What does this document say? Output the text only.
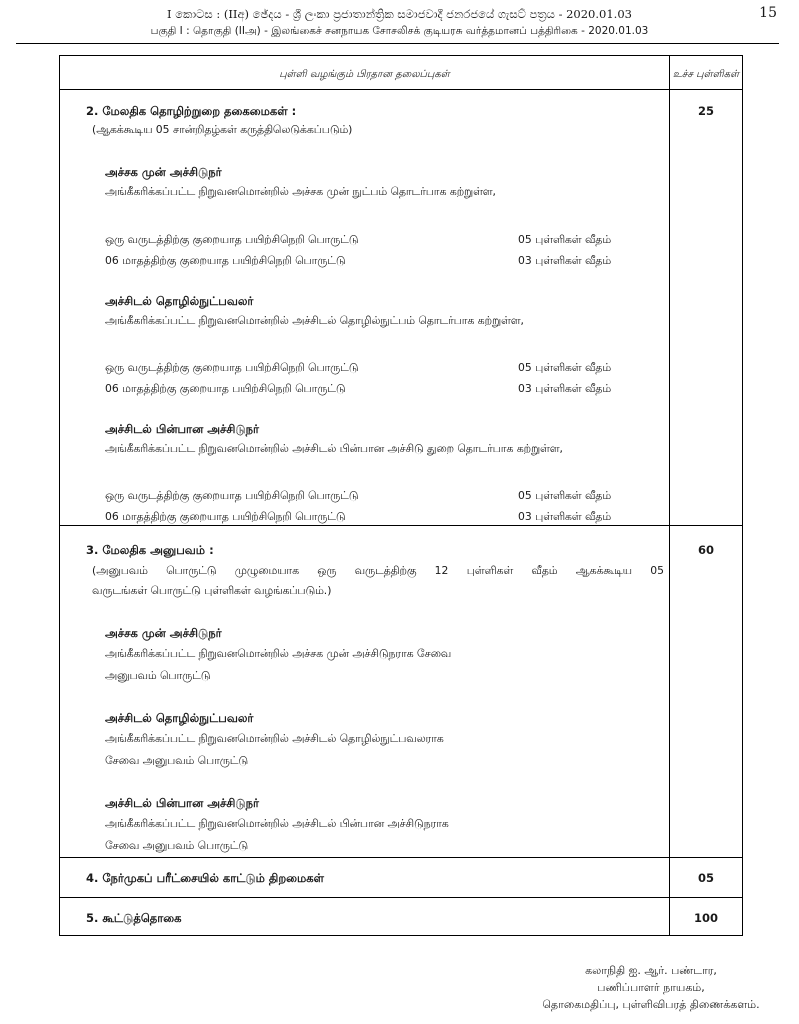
I කොටස : (IIඅ) ඡේදය - ශ්‍රී ලංකා ප්‍රජාතාන්ත්‍රික සමාජවාදී ජනරජයේ ගැසට් පත්‍රය - 2020.01.03	15
பகுதி I : தொகுதி (IIஅ) - இலங்கைச் சனநாயக சோசலிசக் குடியரசு வர்த்தமானப் பத்திரிகை - 2020.01.03
புள்ளி வழங்கும் பிரதான தலைப்புகள்	உச்ச புள்ளிகள்
2. மேலதிக தொழிற்றுறை தகைமைகள் :	25
(ஆகக்கூடிய 05 சான்றிதழ்கள் கருத்திலெடுக்கப்படும்)
அச்சக முன் அச்சிடுநர்
அங்கீகரிக்கப்பட்ட நிறுவனமொன்றில் அச்சக முன் நுட்பம் தொடர்பாக கற்றுள்ள,
ஒரு வருடத்திற்கு குறையாத பயிற்சிநெறி பொருட்டு	05 புள்ளிகள் வீதம்
06 மாதத்திற்கு குறையாத பயிற்சிநெறி பொருட்டு	03 புள்ளிகள் வீதம்
அச்சிடல் தொழில்நுட்பவலர்
அங்கீகரிக்கப்பட்ட நிறுவனமொன்றில் அச்சிடல் தொழில்நுட்பம் தொடர்பாக கற்றுள்ள,
ஒரு வருடத்திற்கு குறையாத பயிற்சிநெறி பொருட்டு	05 புள்ளிகள் வீதம்
06 மாதத்திற்கு குறையாத பயிற்சிநெறி பொருட்டு	03 புள்ளிகள் வீதம்
அச்சிடல் பின்பான அச்சிடுநர்
அங்கீகரிக்கப்பட்ட நிறுவனமொன்றில் அச்சிடல் பின்பான அச்சிடு துறை தொடர்பாக கற்றுள்ள,
ஒரு வருடத்திற்கு குறையாத பயிற்சிநெறி பொருட்டு	05 புள்ளிகள் வீதம்
06 மாதத்திற்கு குறையாத பயிற்சிநெறி பொருட்டு	03 புள்ளிகள் வீதம்
3. மேலதிக அனுபவம் :	60
(அனுபவம் பொருட்டு முழுமையாக ஒரு வருடத்திற்கு 12 புள்ளிகள் வீதம் ஆகக்கூடிய 05
வருடங்கள் பொருட்டு புள்ளிகள் வழங்கப்படும்.)
அச்சக முன் அச்சிடுநர்
அங்கீகரிக்கப்பட்ட நிறுவனமொன்றில் அச்சக முன் அச்சிடுநராக சேவை
அனுபவம் பொருட்டு
அச்சிடல் தொழில்நுட்பவலர்
அங்கீகரிக்கப்பட்ட நிறுவனமொன்றில் அச்சிடல் தொழில்நுட்பவலராக
சேவை அனுபவம் பொருட்டு
அச்சிடல் பின்பான அச்சிடுநர்
அங்கீகரிக்கப்பட்ட நிறுவனமொன்றில் அச்சிடல் பின்பான அச்சிடுநராக
சேவை அனுபவம் பொருட்டு
4. நேர்முகப் பரீட்சையில் காட்டும் திறமைகள்	05
5. கூட்டுத்தொகை	100
கலாநிதி ஐ. ஆர். பண்டார,
பணிப்பாளர் நாயகம்,
தொகைமதிப்பு, புள்ளிவிபரத் திணைக்களம்.
